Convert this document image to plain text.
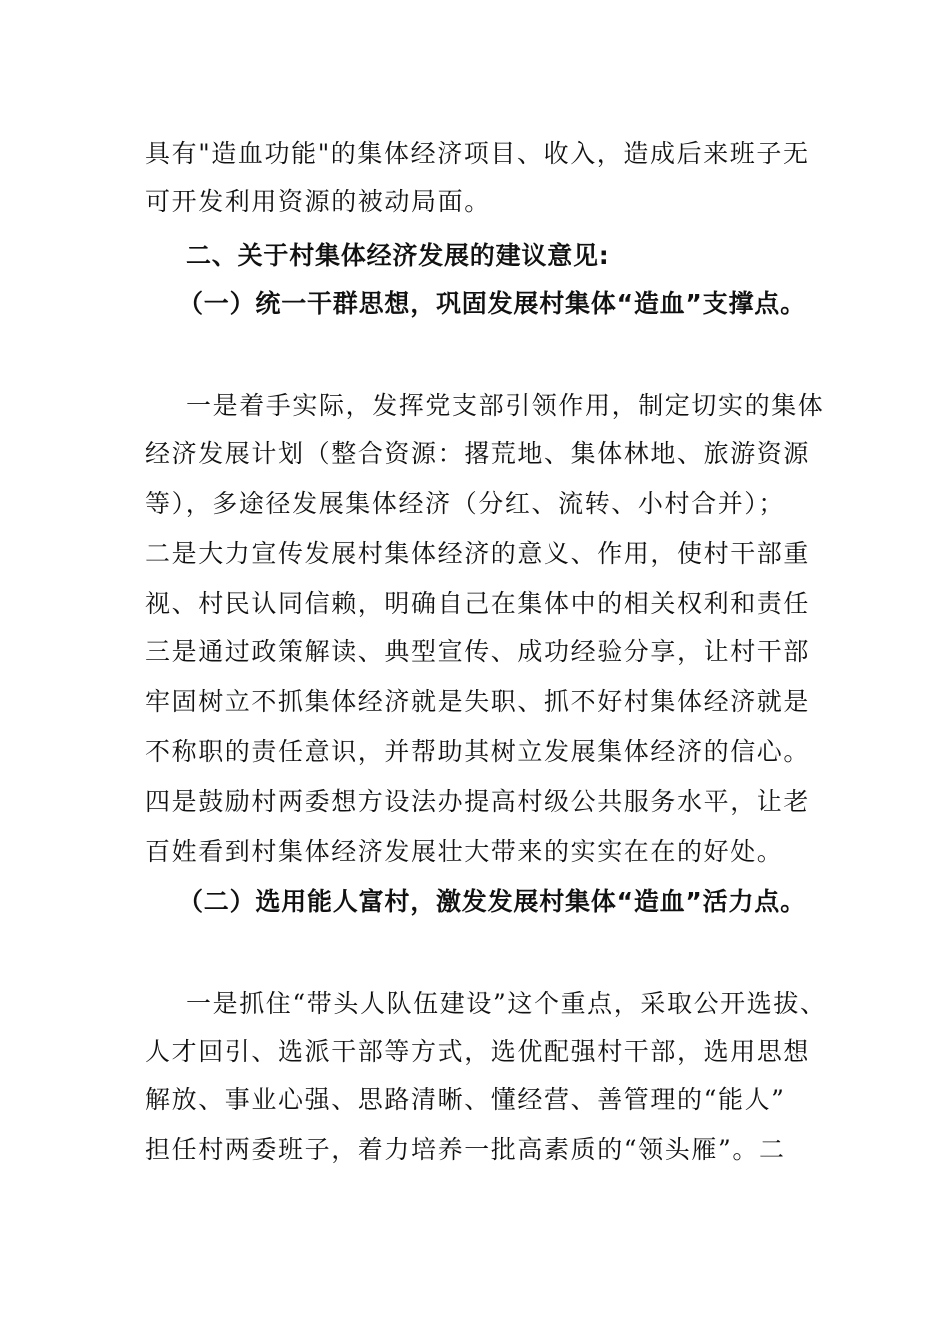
具有"造血功能"的集体经济项目、收入，造成后来班子无
可开发利用资源的被动局面。
二、关于村集体经济发展的建议意见:
（一）统一干群思想，巩固发展村集体“造血”支撑点。
一是着手实际，发挥党支部引领作用，制定切实的集体
经济发展计划（整合资源：撂荒地、集体林地、旅游资源
等），多途径发展集体经济（分红、流转、小村合并）；
二是大力宣传发展村集体经济的意义、作用，使村干部重
视、村民认同信赖，明确自己在集体中的相关权利和责任
三是通过政策解读、典型宣传、成功经验分享，让村干部
牢固树立不抓集体经济就是失职、抓不好村集体经济就是
不称职的责任意识，并帮助其树立发展集体经济的信心。
四是鼓励村两委想方设法办提高村级公共服务水平，让老
百姓看到村集体经济发展壮大带来的实实在在的好处。
（二）选用能人富村，激发发展村集体“造血”活力点。
一是抓住“带头人队伍建设”这个重点，采取公开选拔、
人才回引、选派干部等方式，选优配强村干部，选用思想
解放、事业心强、思路清晰、懂经营、善管理的“能人”
担任村两委班子，着力培养一批高素质的“领头雁”。二
